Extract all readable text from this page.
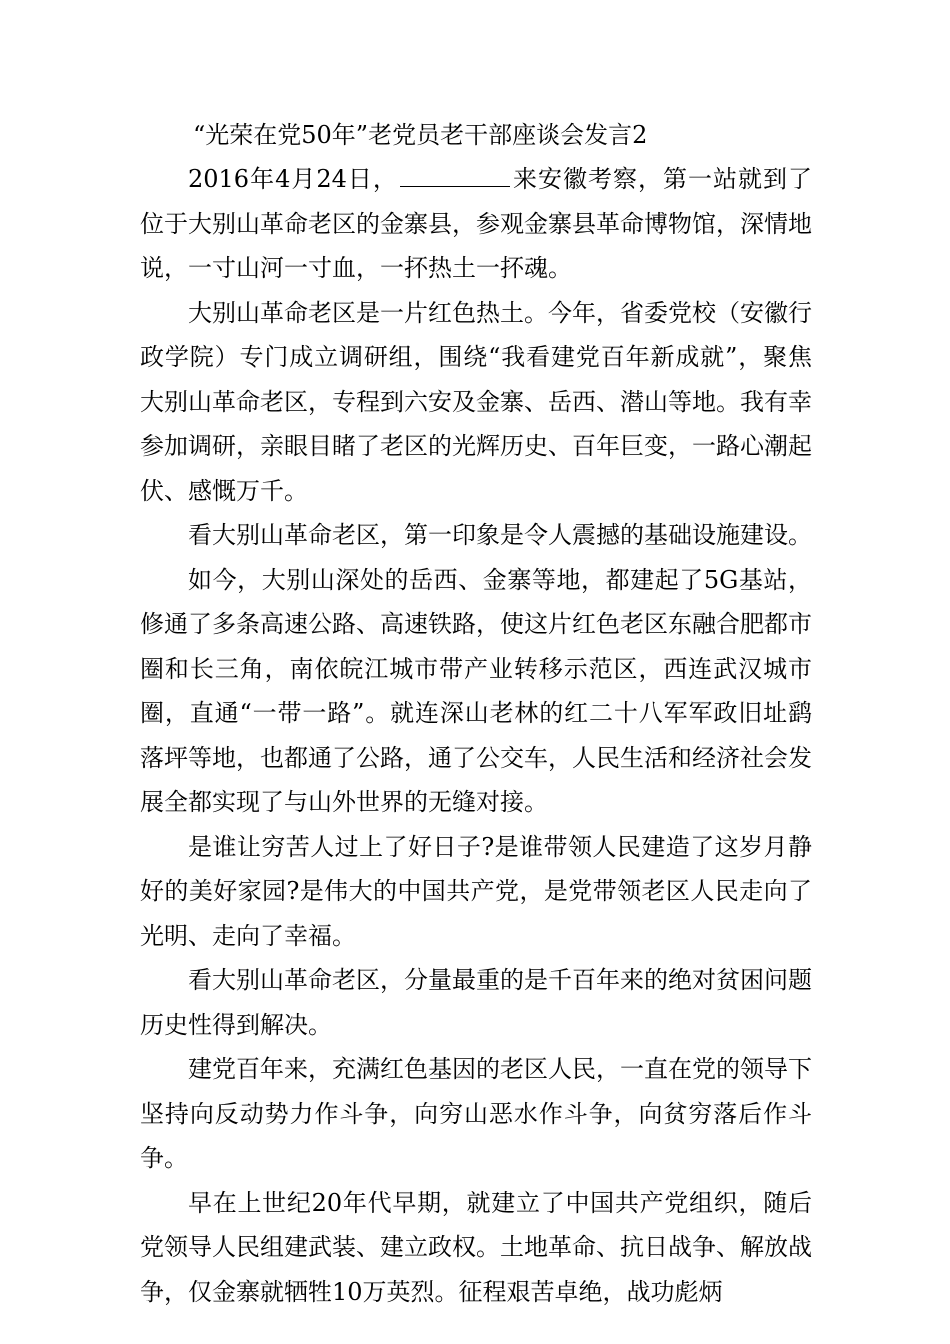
“光荣在党50年”老党员老干部座谈会发言2

2016年4月24日，	来安徽考察，第一站就到了位于大别山革命老区的金寨县，参观金寨县革命博物馆，深情地说，一寸山河一寸血，一抔热土一抔魂。

大别山革命老区是一片红色热土。今年，省委党校（安徽行政学院）专门成立调研组，围绕“我看建党百年新成就”，聚焦大别山革命老区，专程到六安及金寨、岳西、潜山等地。我有幸参加调研，亲眼目睹了老区的光辉历史、百年巨变，一路心潮起伏、感慨万千。

看大别山革命老区，第一印象是令人震撼的基础设施建设。

如今，大别山深处的岳西、金寨等地，都建起了5G基站，修通了多条高速公路、高速铁路，使这片红色老区东融合肥都市圈和长三角，南依皖江城市带产业转移示范区，西连武汉城市圈，直通“一带一路”。就连深山老林的红二十八军军政旧址鹞落坪等地，也都通了公路，通了公交车，人民生活和经济社会发展全都实现了与山外世界的无缝对接。

是谁让穷苦人过上了好日子?是谁带领人民建造了这岁月静好的美好家园?是伟大的中国共产党，是党带领老区人民走向了光明、走向了幸福。

看大别山革命老区，分量最重的是千百年来的绝对贫困问题历史性得到解决。

建党百年来，充满红色基因的老区人民，一直在党的领导下坚持向反动势力作斗争，向穷山恶水作斗争，向贫穷落后作斗争。

早在上世纪20年代早期，就建立了中国共产党组织，随后党领导人民组建武装、建立政权。土地革命、抗日战争、解放战争，仅金寨就牺牲10万英烈。征程艰苦卓绝，战功彪炳
